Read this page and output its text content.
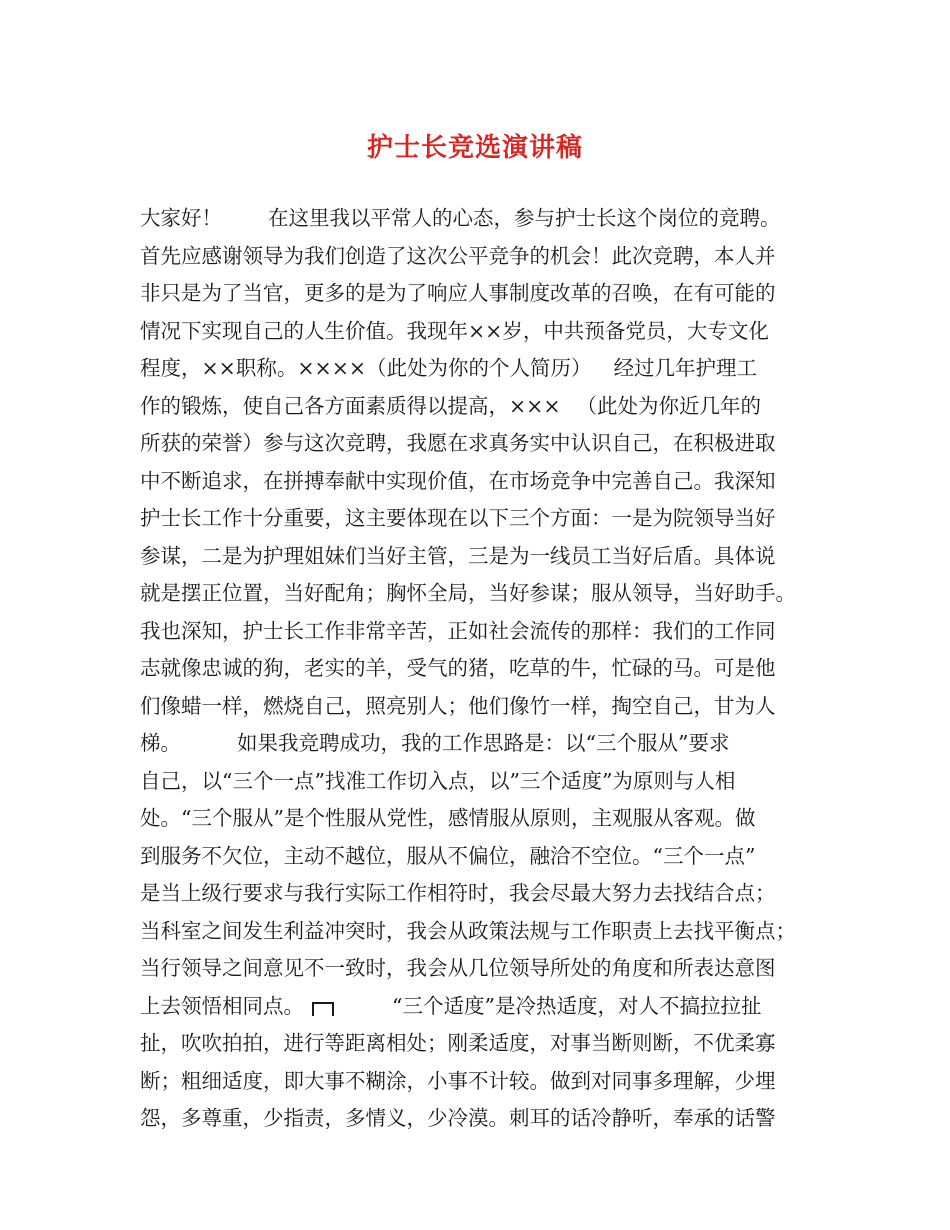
护士长竞选演讲稿
大家好！ 在这里我以平常人的心态，参与护士长这个岗位的竞聘。
首先应感谢领导为我们创造了这次公平竞争的机会！此次竞聘，本人并
非只是为了当官，更多的是为了响应人事制度改革的召唤，在有可能的
情况下实现自己的人生价值。我现年××岁，中共预备党员，大专文化
程度，××职称。××××（此处为你的个人简历） 经过几年护理工
作的锻炼，使自己各方面素质得以提高，××× （此处为你近几年的
所获的荣誉）参与这次竞聘，我愿在求真务实中认识自己，在积极进取
中不断追求，在拼搏奉献中实现价值，在市场竞争中完善自己。我深知
护士长工作十分重要，这主要体现在以下三个方面：一是为院领导当好
参谋，二是为护理姐妹们当好主管，三是为一线员工当好后盾。具体说
就是摆正位置，当好配角；胸怀全局，当好参谋；服从领导，当好助手。
我也深知，护士长工作非常辛苦，正如社会流传的那样：我们的工作同
志就像忠诚的狗，老实的羊，受气的猪，吃草的牛，忙碌的马。可是他
们像蜡一样，燃烧自己，照亮别人；他们像竹一样，掏空自己，甘为人
梯。	如果我竞聘成功，我的工作思路是：以“三个服从”要求
自己，以“三个一点”找准工作切入点，以”三个适度”为原则与人相
处。“三个服从”是个性服从党性，感情服从原则，主观服从客观。做
到服务不欠位，主动不越位，服从不偏位，融洽不空位。“三个一点”
是当上级行要求与我行实际工作相符时，我会尽最大努力去找结合点；
当科室之间发生利益冲突时，我会从政策法规与工作职责上去找平衡点；
当行领导之间意见不一致时，我会从几位领导所处的角度和所表达意图
上去领悟相同点。	“三个适度”是冷热适度，对人不搞拉拉扯
扯，吹吹拍拍，进行等距离相处；刚柔适度，对事当断则断，不优柔寡
断；粗细适度，即大事不糊涂，小事不计较。做到对同事多理解，少埋
怨，多尊重，少指责，多情义，少冷漠。刺耳的话冷静听，奉承的话警
